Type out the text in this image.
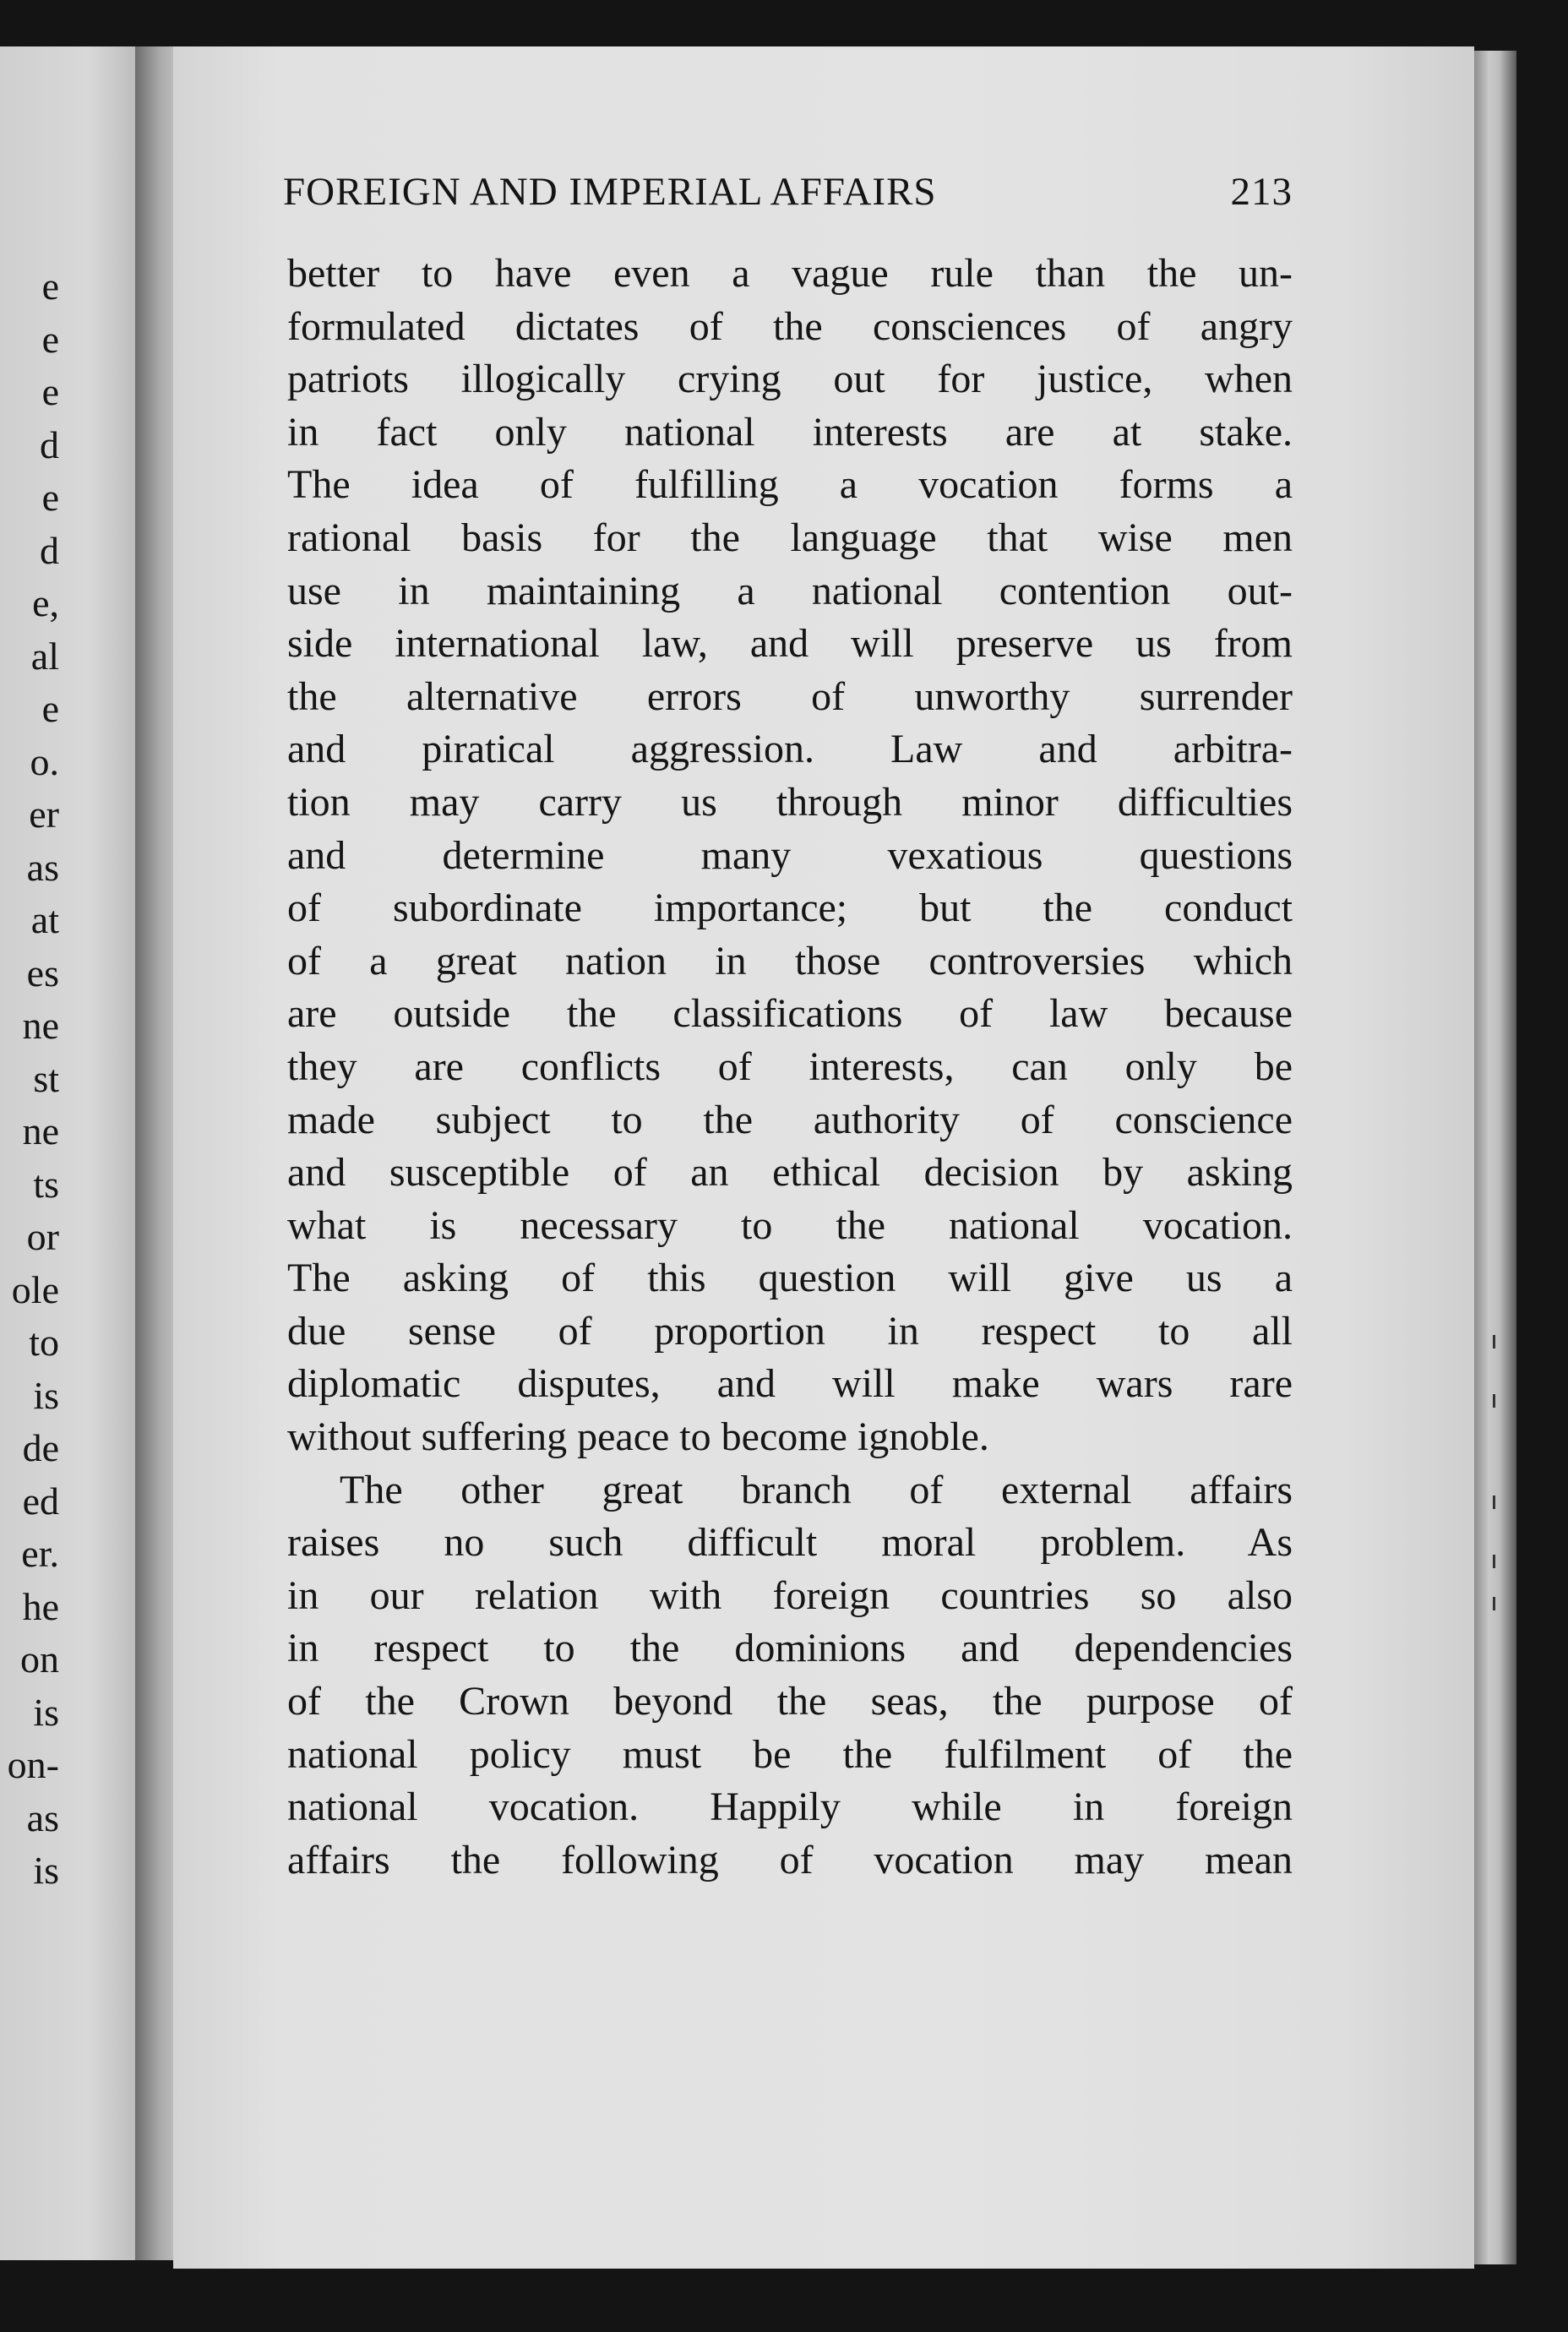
e
e
e
d
e
d
e,
al
e
o.
er
as
at
es
ne
st
ne
ts
or
ole
to
is
de
ed
er.
he
on
is
on-
as
is
FOREIGN AND IMPERIAL AFFAIRS	213
better to have even a vague rule than the un-
formulated dictates of the consciences of angry
patriots illogically crying out for justice, when
in fact only national interests are at stake.
The idea of fulfilling a vocation forms a
rational basis for the language that wise men
use in maintaining a national contention out-
side international law, and will preserve us from
the alternative errors of unworthy surrender
and piratical aggression. Law and arbitra-
tion may carry us through minor difficulties
and determine many vexatious questions
of subordinate importance; but the conduct
of a great nation in those controversies which
are outside the classifications of law because
they are conflicts of interests, can only be
made subject to the authority of conscience
and susceptible of an ethical decision by asking
what is necessary to the national vocation.
The asking of this question will give us a
due sense of proportion in respect to all
diplomatic disputes, and will make wars rare
without suffering peace to become ignoble.
The other great branch of external affairs
raises no such difficult moral problem. As
in our relation with foreign countries so also
in respect to the dominions and dependencies
of the Crown beyond the seas, the purpose of
national policy must be the fulfilment of the
national vocation. Happily while in foreign
affairs the following of vocation may mean
